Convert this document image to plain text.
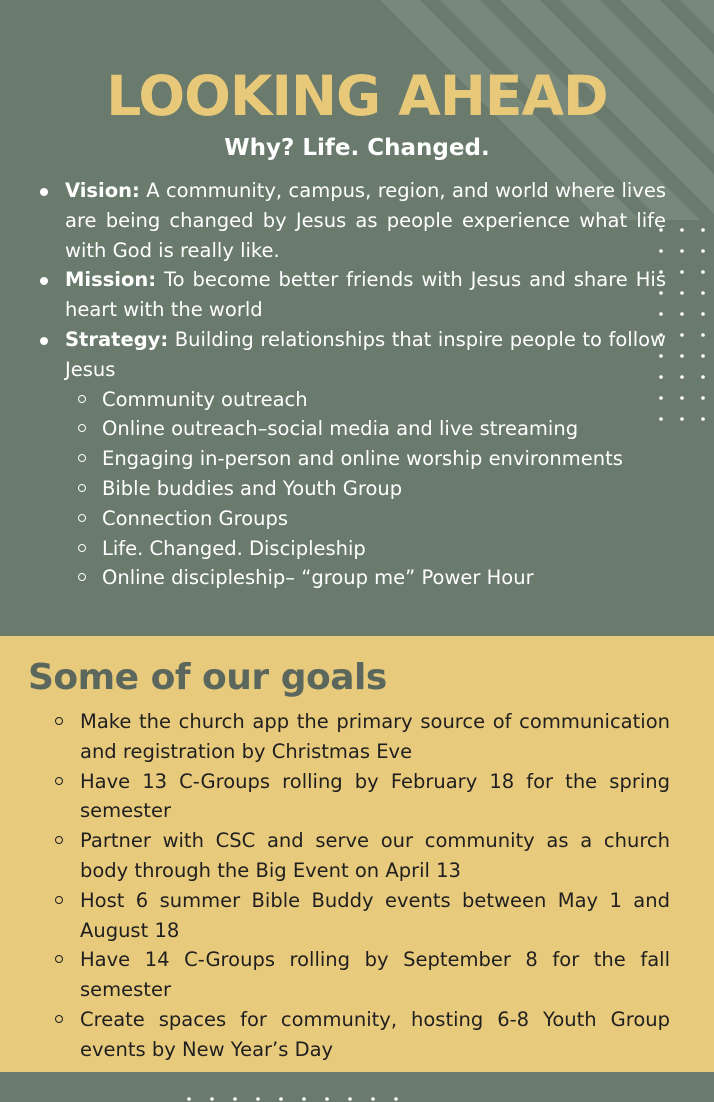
LOOKING AHEAD
Why? Life. Changed.
Vision: A community, campus, region, and world where lives are being changed by Jesus as people experience what life with God is really like.
Mission: To become better friends with Jesus and share His heart with the world
Strategy: Building relationships that inspire people to follow Jesus
Community outreach
Online outreach–social media and live streaming
Engaging in-person and online worship environments
Bible buddies and Youth Group
Connection Groups
Life. Changed. Discipleship
Online discipleship– “group me” Power Hour
Some of our goals
Make the church app the primary source of communication and registration by Christmas Eve
Have 13 C-Groups rolling by February 18 for the spring semester
Partner with CSC and serve our community as a church body through the Big Event on April 13
Host 6 summer Bible Buddy events between May 1 and August 18
Have 14 C-Groups rolling by September 8 for the fall semester
Create spaces for community, hosting 6-8 Youth Group events by New Year’s Day
